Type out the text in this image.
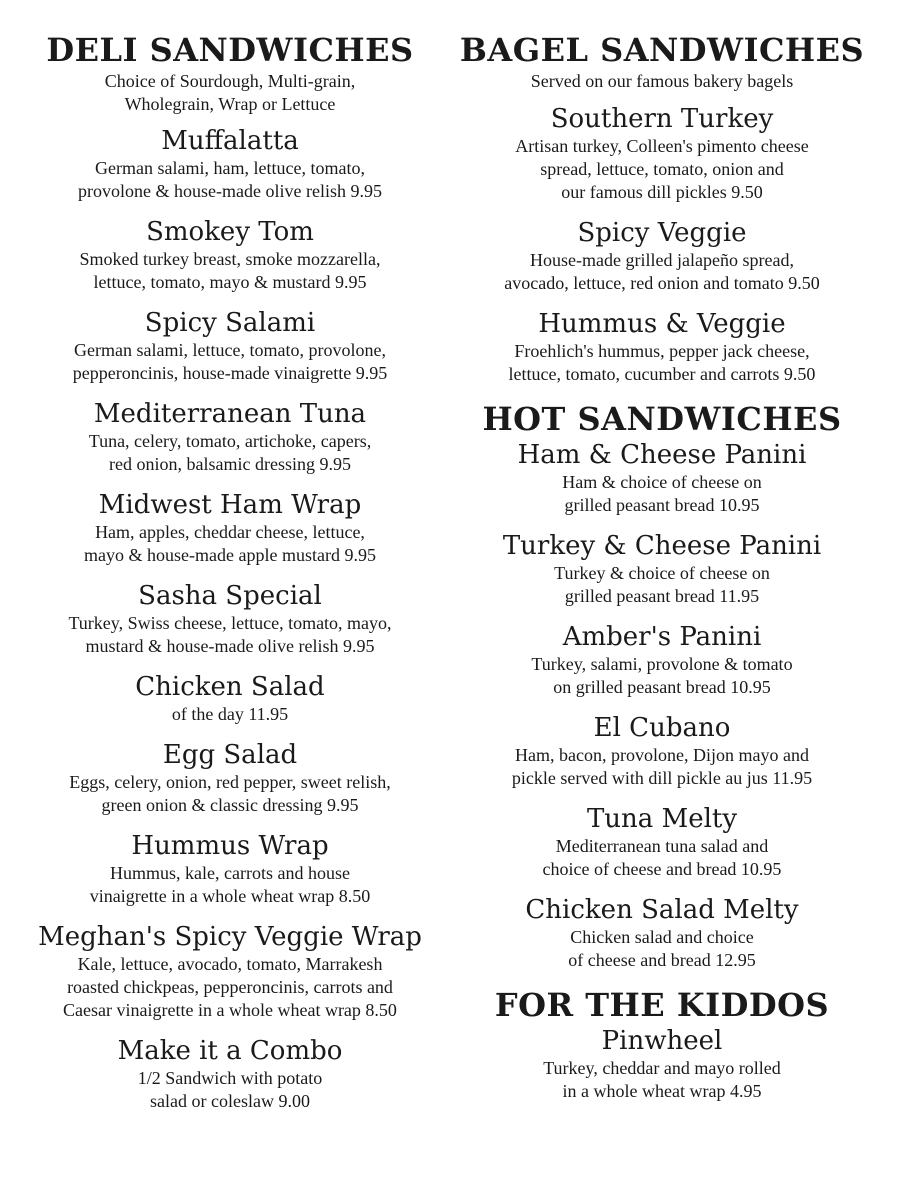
DELI SANDWICHES

Choice of Sourdough, Multi-grain,
Wholegrain, Wrap or Lettuce

Muffalatta

German salami, ham, lettuce, tomato,
provolone & house-made olive relish 9.95

Smokey Tom

Smoked turkey breast, smoke mozzarella,
lettuce, tomato, mayo & mustard 9.95

Spicy Salami

German salami, lettuce, tomato, provolone,
pepperoncinis, house-made vinaigrette 9.95

Mediterranean Tuna

Tuna, celery, tomato, artichoke, capers,
red onion, balsamic dressing 9.95

Midwest Ham Wrap

Ham, apples, cheddar cheese, lettuce,
mayo & house-made apple mustard 9.95

Sasha Special

Turkey, Swiss cheese, lettuce, tomato, mayo,
mustard & house-made olive relish 9.95

Chicken Salad

of the day 11.95

Egg Salad

Eggs, celery, onion, red pepper, sweet relish,
green onion & classic dressing 9.95

Hummus Wrap

Hummus, kale, carrots and house
vinaigrette in a whole wheat wrap 8.50

Meghan's Spicy Veggie Wrap

Kale, lettuce, avocado, tomato, Marrakesh
roasted chickpeas, pepperoncinis, carrots and
Caesar vinaigrette in a whole wheat wrap 8.50

Make it a Combo

1/2 Sandwich with potato
salad or coleslaw 9.00

BAGEL SANDWICHES

Served on our famous bakery bagels

Southern Turkey

Artisan turkey, Colleen's pimento cheese
spread, lettuce, tomato, onion and
our famous dill pickles 9.50

Spicy Veggie

House-made grilled jalapeño spread,
avocado, lettuce, red onion and tomato 9.50

Hummus & Veggie

Froehlich's hummus, pepper jack cheese,
lettuce, tomato, cucumber and carrots 9.50

HOT SANDWICHES

Ham & Cheese Panini

Ham & choice of cheese on
grilled peasant bread 10.95

Turkey & Cheese Panini

Turkey & choice of cheese on
grilled peasant bread 11.95

Amber's Panini

Turkey, salami, provolone & tomato
on grilled peasant bread 10.95

El Cubano

Ham, bacon, provolone, Dijon mayo and
pickle served with dill pickle au jus 11.95

Tuna Melty

Mediterranean tuna salad and
choice of cheese and bread 10.95

Chicken Salad Melty

Chicken salad and choice
of cheese and bread 12.95

FOR THE KIDDOS

Pinwheel

Turkey, cheddar and mayo rolled
in a whole wheat wrap 4.95
